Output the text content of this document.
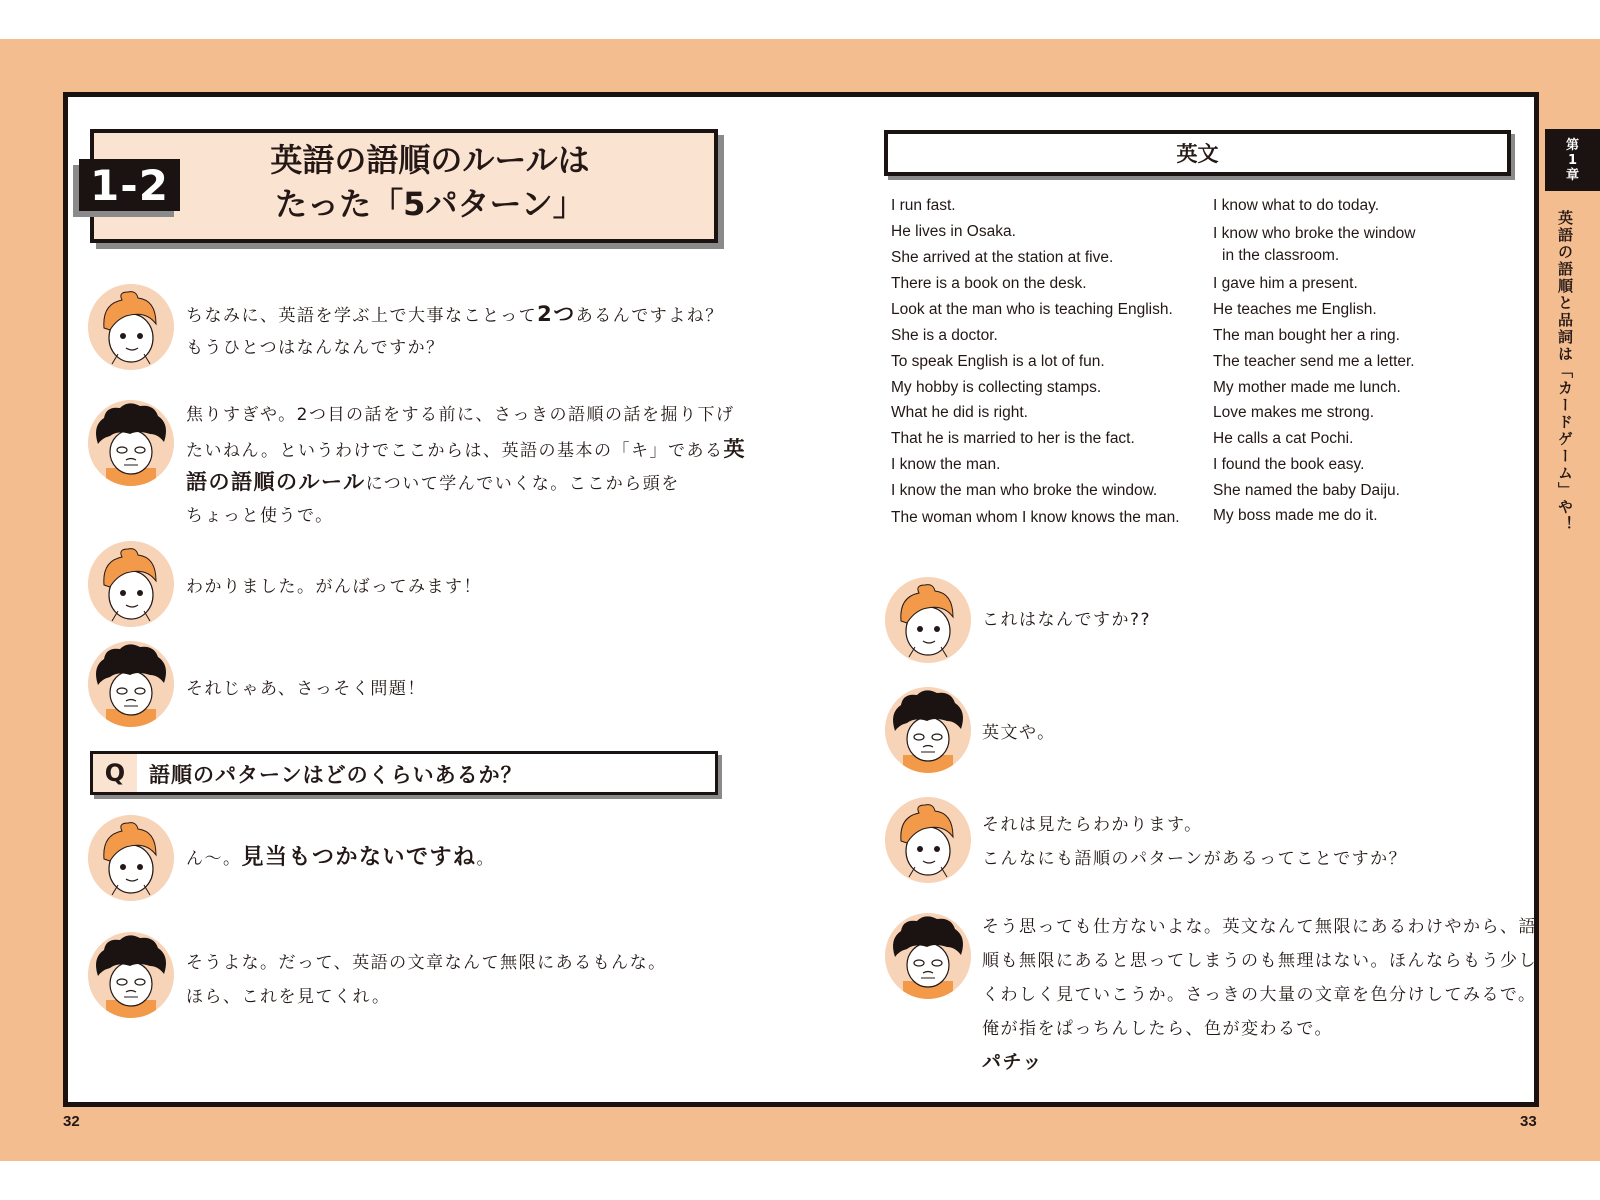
英語の語順のルールは
たった「5パターン」
1-2
ちなみに、英語を学ぶ上で大事なことって2つあるんですよね？
もうひとつはなんなんですか？
焦りすぎや。2つ目の話をする前に、さっきの語順の話を掘り下げ
たいねん。というわけでここからは、英語の基本の「キ」である英
語の語順のルールについて学んでいくな。ここから頭を
ちょっと使うで。
わかりました。がんばってみます！
それじゃあ、さっそく問題！
Q	語順のパターンはどのくらいあるか？
ん〜。見当もつかないですね。
そうよな。だって、英語の文章なんて無限にあるもんな。
ほら、これを見てくれ。
32
英文
I run fast.
He lives in Osaka.
She arrived at the station at five.
There is a book on the desk.
Look at the man who is teaching English.
She is a doctor.
To speak English is a lot of fun.
My hobby is collecting stamps.
What he did is right.
That he is married to her is the fact.
I know the man.
I know the man who broke the window.
The woman whom I know knows the man.
I know what to do today.
I know who broke the window
in the classroom.
I gave him a present.
He teaches me English.
The man bought her a ring.
The teacher send me a letter.
My mother made me lunch.
Love makes me strong.
He calls a cat Pochi.
I found the book easy.
She named the baby Daiju.
My boss made me do it.
これはなんですか??
英文や。
それは見たらわかります。
こんなにも語順のパターンがあるってことですか？
そう思っても仕方ないよな。英文なんて無限にあるわけやから、語
順も無限にあると思ってしまうのも無理はない。ほんならもう少し
くわしく見ていこうか。さっきの大量の文章を色分けしてみるで。
俺が指をぱっちんしたら、色が変わるで。
パチッ
33
第
1
章
英語の語順と品詞は「カードゲーム」や！
